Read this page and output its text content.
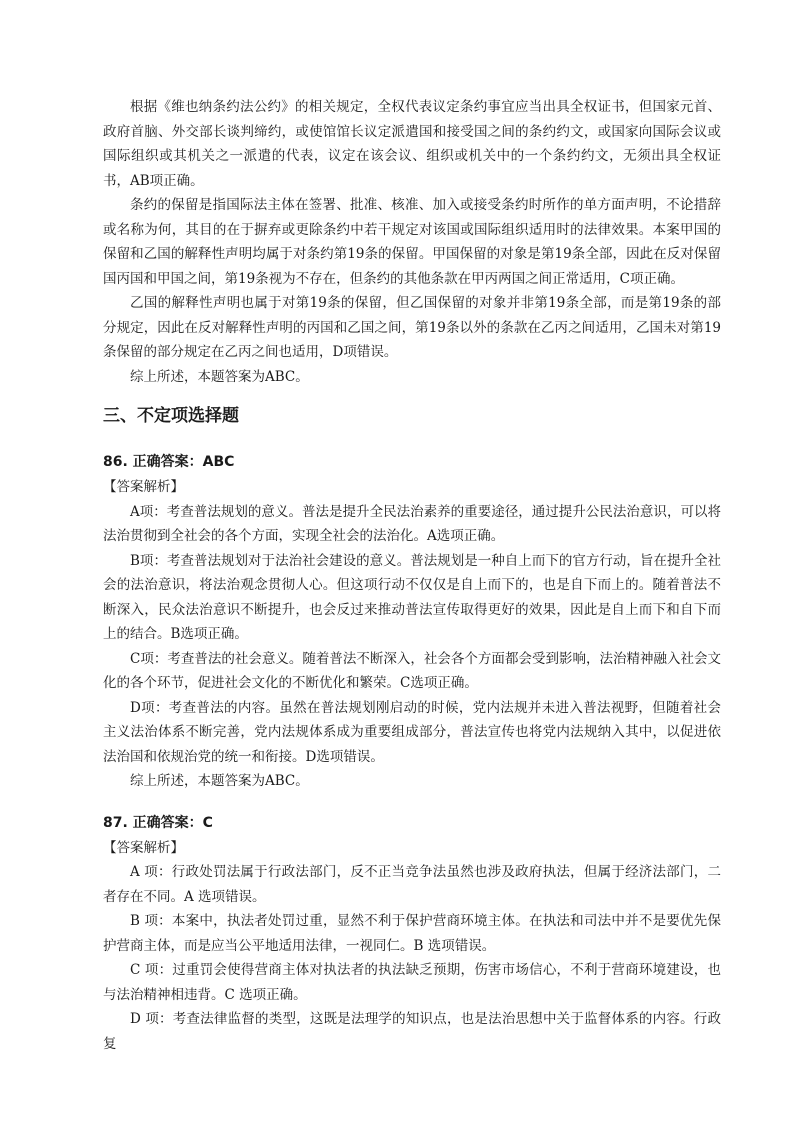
根据《维也纳条约法公约》的相关规定，全权代表议定条约事宜应当出具全权证书，但国家元首、政府首脑、外交部长谈判缔约，或使馆馆长议定派遣国和接受国之间的条约约文，或国家向国际会议或国际组织或其机关之一派遣的代表，议定在该会议、组织或机关中的一个条约约文，无须出具全权证书，AB项正确。

条约的保留是指国际法主体在签署、批准、核准、加入或接受条约时所作的单方面声明，不论措辞或名称为何，其目的在于摒弃或更除条约中若干规定对该国或国际组织适用时的法律效果。本案甲国的保留和乙国的解释性声明均属于对条约第19条的保留。甲国保留的对象是第19条全部，因此在反对保留国丙国和甲国之间，第19条视为不存在，但条约的其他条款在甲丙两国之间正常适用，C项正确。

乙国的解释性声明也属于对第19条的保留，但乙国保留的对象并非第19条全部，而是第19条的部分规定，因此在反对解释性声明的丙国和乙国之间，第19条以外的条款在乙丙之间适用，乙国未对第19条保留的部分规定在乙丙之间也适用，D项错误。

综上所述，本题答案为ABC。

三、不定项选择题
86. 正确答案：ABC

【答案解析】

A项：考查普法规划的意义。普法是提升全民法治素养的重要途径，通过提升公民法治意识，可以将法治贯彻到全社会的各个方面，实现全社会的法治化。A选项正确。

B项：考查普法规划对于法治社会建设的意义。普法规划是一种自上而下的官方行动，旨在提升全社会的法治意识，将法治观念贯彻人心。但这项行动不仅仅是自上而下的，也是自下而上的。随着普法不断深入，民众法治意识不断提升，也会反过来推动普法宣传取得更好的效果，因此是自上而下和自下而上的结合。B选项正确。

C项：考查普法的社会意义。随着普法不断深入，社会各个方面都会受到影响，法治精神融入社会文化的各个环节，促进社会文化的不断优化和繁荣。C选项正确。

D项：考查普法的内容。虽然在普法规划刚启动的时候，党内法规并未进入普法视野，但随着社会主义法治体系不断完善，党内法规体系成为重要组成部分，普法宣传也将党内法规纳入其中，以促进依法治国和依规治党的统一和衔接。D选项错误。

综上所述，本题答案为ABC。

87. 正确答案：C

【答案解析】

A 项：行政处罚法属于行政法部门，反不正当竞争法虽然也涉及政府执法，但属于经济法部门，二者存在不同。A 选项错误。

B 项：本案中，执法者处罚过重，显然不利于保护营商环境主体。在执法和司法中并不是要优先保护营商主体，而是应当公平地适用法律，一视同仁。B 选项错误。

C 项：过重罚会使得营商主体对执法者的执法缺乏预期，伤害市场信心，不利于营商环境建设，也与法治精神相违背。C 选项正确。

D 项：考查法律监督的类型，这既是法理学的知识点，也是法治思想中关于监督体系的内容。行政复
